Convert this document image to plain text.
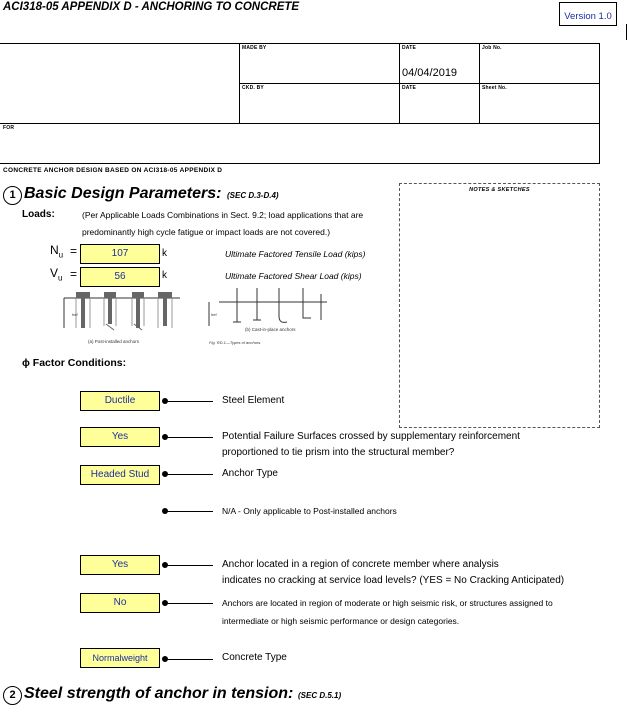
ACI318-05 APPENDIX D - ANCHORING TO CONCRETE
Version 1.0
MADE BY	DATE	Job No.
04/04/2019
CKD. BY	DATE	Sheet No.
FOR
CONCRETE ANCHOR DESIGN BASED ON ACI318-05 APPENDIX D
1 Basic Design Parameters: (SEC D.3-D.4)
NOTES & SKETCHES
Loads:	(Per Applicable Loads Combinations in Sect. 9.2; load applications that are
predominantly high cycle fatigue or impact loads are not covered.)
$N_u$ =	107	k	Ultimate Factored Tensile Load (kips)
$V_u$ =	56	k	Ultimate Factored Shear Load (kips)
hef
(a) Post-installed anchors
hef
(b) Cast-in-place anchors
Fig. RD.1—Types of anchors.
ϕ Factor Conditions:
Ductile	Steel Element
Yes	Potential Failure Surfaces crossed by supplementary reinforcement
proportioned to tie prism into the structural member?
Headed Stud	Anchor Type
N/A - Only applicable to Post-installed anchors
Yes	Anchor located in a region of concrete member where analysis
indicates no cracking at service load levels? (YES = No Cracking Anticipated)
No	Anchors are located in region of moderate or high seismic risk, or structures assigned to
intermediate or high seismic performance or design categories.
Normalweight	Concrete Type
2 Steel strength of anchor in tension: (SEC D.5.1)
